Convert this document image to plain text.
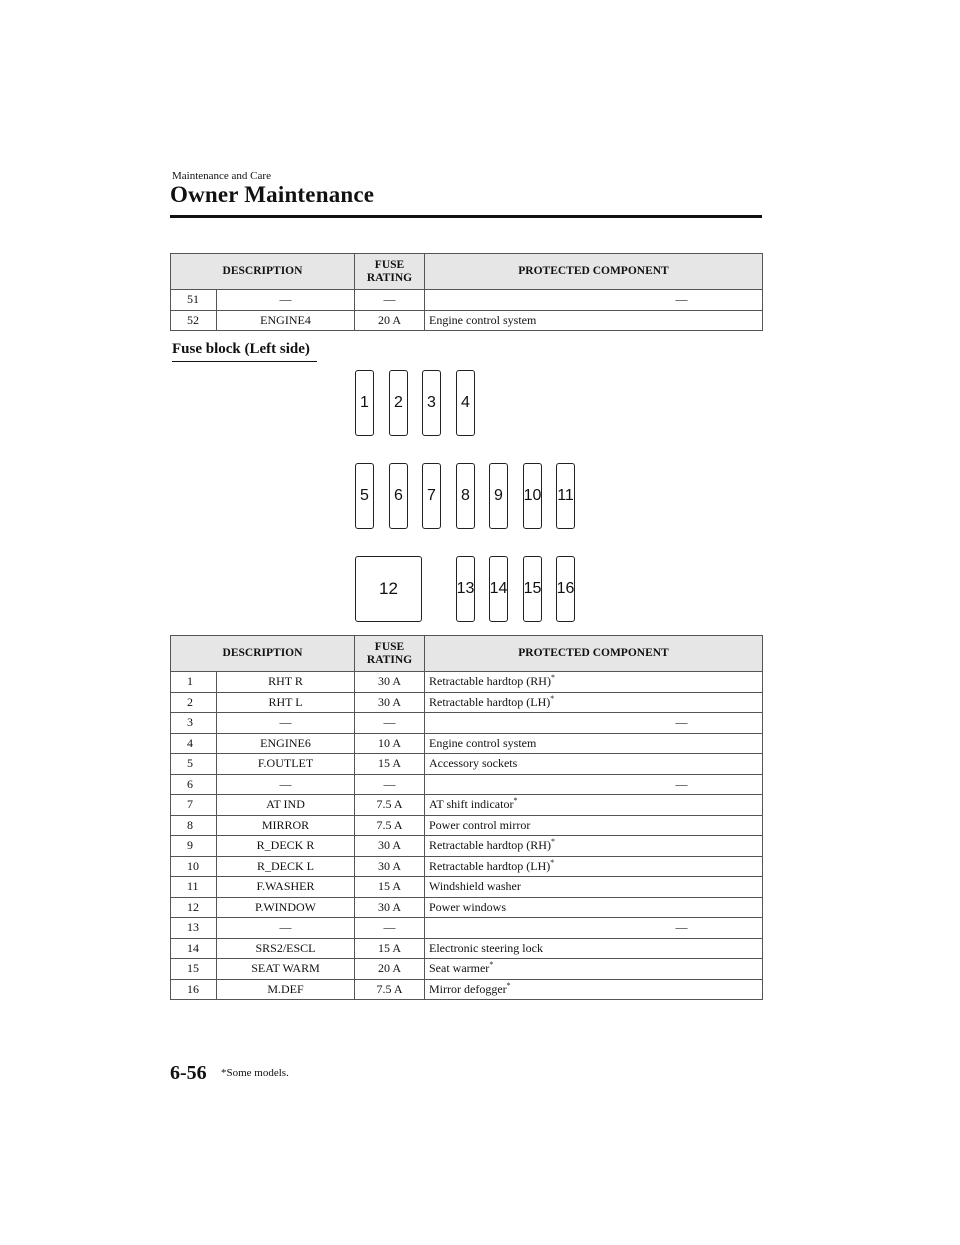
Maintenance and Care
Owner Maintenance
DESCRIPTION		FUSE
RATING	PROTECTED COMPONENT
51	—	—	—
52	ENGINE4	20 A	Engine control system
Fuse block (Left side)
1	2	3	4
5	6	7	8	9	10 11
12	13 14 15 16
DESCRIPTION		FUSE
RATING	PROTECTED COMPONENT
1	RHT R	30 A	Retractable hardtop (RH)*
2	RHT L	30 A	Retractable hardtop (LH)*
3	—	—	—
4	ENGINE6	10 A	Engine control system
5	F.OUTLET	15 A	Accessory sockets
6	—	—	—
7	AT IND	7.5 A	AT shift indicator*
8	MIRROR	7.5 A	Power control mirror
9	R_DECK R	30 A	Retractable hardtop (RH)*
10	R_DECK L	30 A	Retractable hardtop (LH)*
11	F.WASHER	15 A	Windshield washer
12	P.WINDOW	30 A	Power windows
13	—	—	—
14	SRS2/ESCL	15 A	Electronic steering lock
15	SEAT WARM	20 A	Seat warmer*
16	M.DEF	7.5 A	Mirror defogger*
6-56 *Some models.
